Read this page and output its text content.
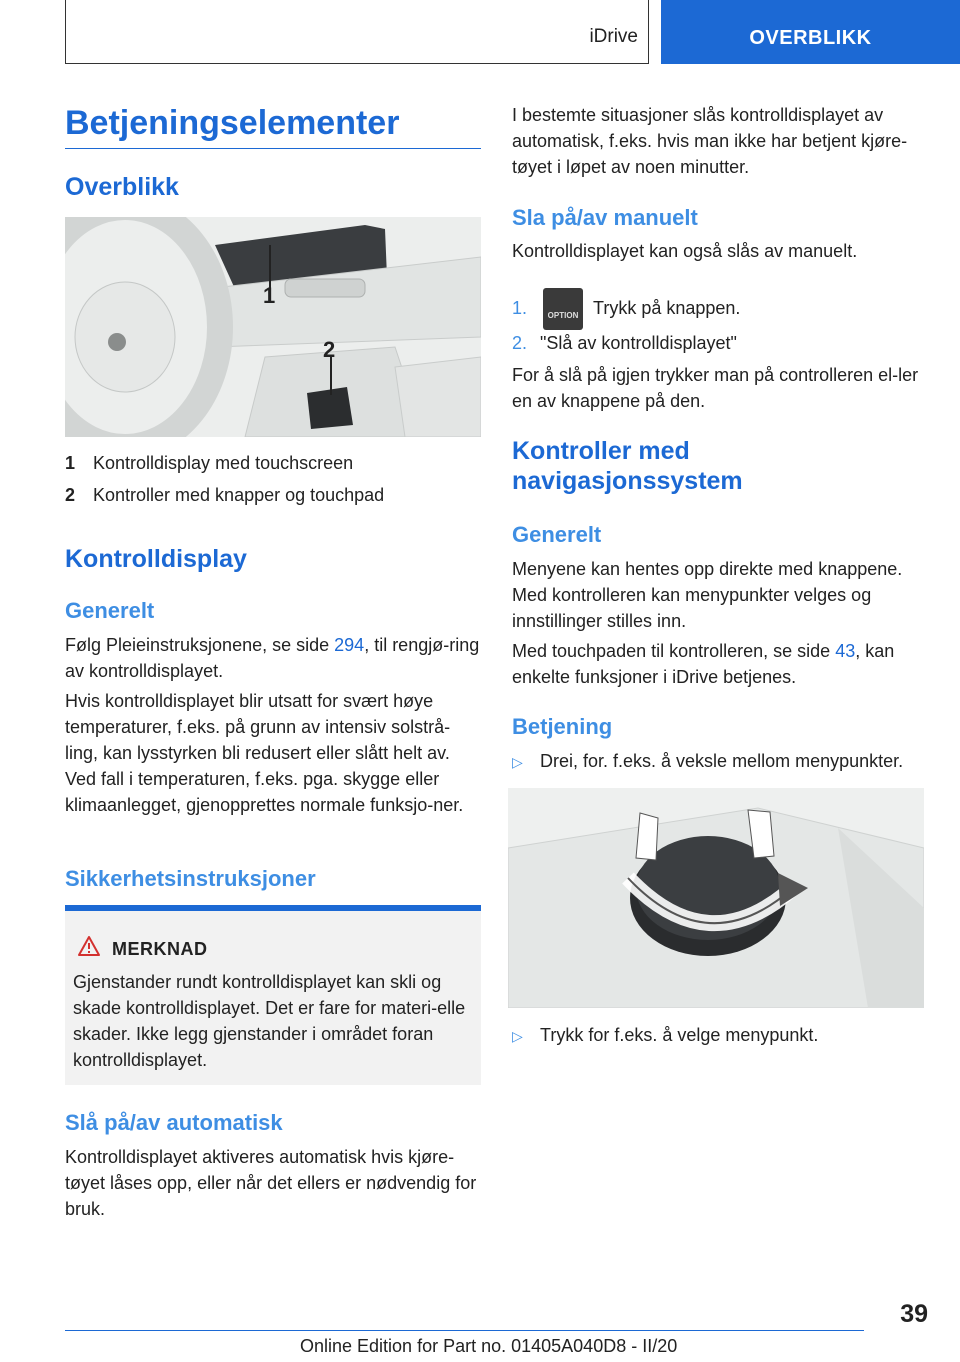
iDrive	OVERBLIKK
Betjeningselementer
Overblikk
1
2
1 Kontrolldisplay med touchscreen
2 Kontroller med knapper og touchpad
Kontrolldisplay
Generelt

Følg Pleieinstruksjonene, se side 294, til rengjø-ring av kontrolldisplayet.

Hvis kontrolldisplayet blir utsatt for svært høye temperaturer, f.eks. på grunn av intensiv solstrå-ling, kan lysstyrken bli redusert eller slått helt av. Ved fall i temperaturen, f.eks. pga. skygge eller klimaanlegget, gjenopprettes normale funksjo-ner.

Sikkerhetsinstruksjoner
MERKNAD
Gjenstander rundt kontrolldisplayet kan skli og skade kontrolldisplayet. Det er fare for materi-elle skader. Ikke legg gjenstander i området foran kontrolldisplayet.
Slå på/av automatisk

Kontrolldisplayet aktiveres automatisk hvis kjøre-tøyet låses opp, eller når det ellers er nødvendig for bruk.

I bestemte situasjoner slås kontrolldisplayet av automatisk, f.eks. hvis man ikke har betjent kjøre-tøyet i løpet av noen minutter.

Sla på/av manuelt

Kontrolldisplayet kan også slås av manuelt.

1.	OPTION Trykk på knappen.
2. "Slå av kontrolldisplayet"

For å slå på igjen trykker man på controlleren el-ler en av knappene på den.

Kontroller med
navigasjonssystem
Generelt

Menyene kan hentes opp direkte med knappene. Med kontrolleren kan menypunkter velges og innstillinger stilles inn.

Med touchpaden til kontrolleren, se side 43, kan enkelte funksjoner i iDrive betjenes.

Betjening
▷ Drei, for. f.eks. å veksle mellom menypunkter.
▷ Trykk for f.eks. å velge menypunkt.
39
Online Edition for Part no. 01405A040D8 - II/20
